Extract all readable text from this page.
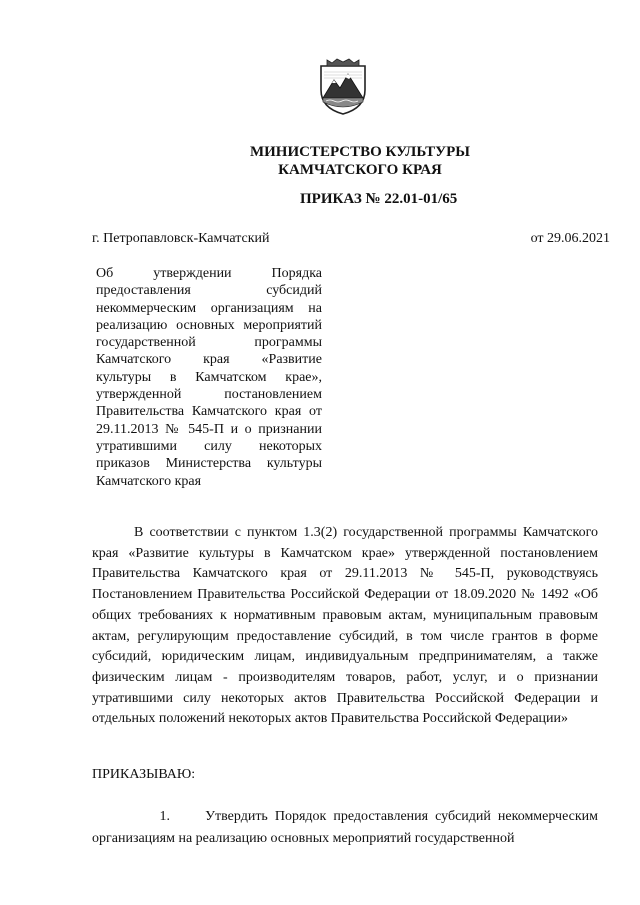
МИНИСТЕРСТВО КУЛЬТУРЫ
КАМЧАТСКОГО КРАЯ
ПРИКАЗ № 22.01-01/65
г. Петропавловск-Камчатский	от 29.06.2021
Об утверждении Порядка предоставления субсидий некоммерческим организациям на реализацию основных мероприятий государственной программы Камчатского края «Развитие культуры в Камчатском крае», утвержденной постановлением Правительства Камчатского края от 29.11.2013 № 545-П и о признании утратившими силу некоторых приказов Министерства культуры Камчатского края
В соответствии с пунктом 1.3(2) государственной программы Камчатского края «Развитие культуры в Камчатском крае» утвержденной постановлением Правительства Камчатского края от 29.11.2013 № 545-П, руководствуясь Постановлением Правительства Российской Федерации от 18.09.2020 № 1492 «Об общих требованиях к нормативным правовым актам, муниципальным правовым актам, регулирующим предоставление субсидий, в том числе грантов в форме субсидий, юридическим лицам, индивидуальным предпринимателям, а также физическим лицам - производителям товаров, работ, услуг, и о признании утратившими силу некоторых актов Правительства Российской Федерации и отдельных положений некоторых актов Правительства Российской Федерации»
ПРИКАЗЫВАЮ:
1.	Утвердить Порядок предоставления субсидий некоммерческим организациям на реализацию основных мероприятий государственной
